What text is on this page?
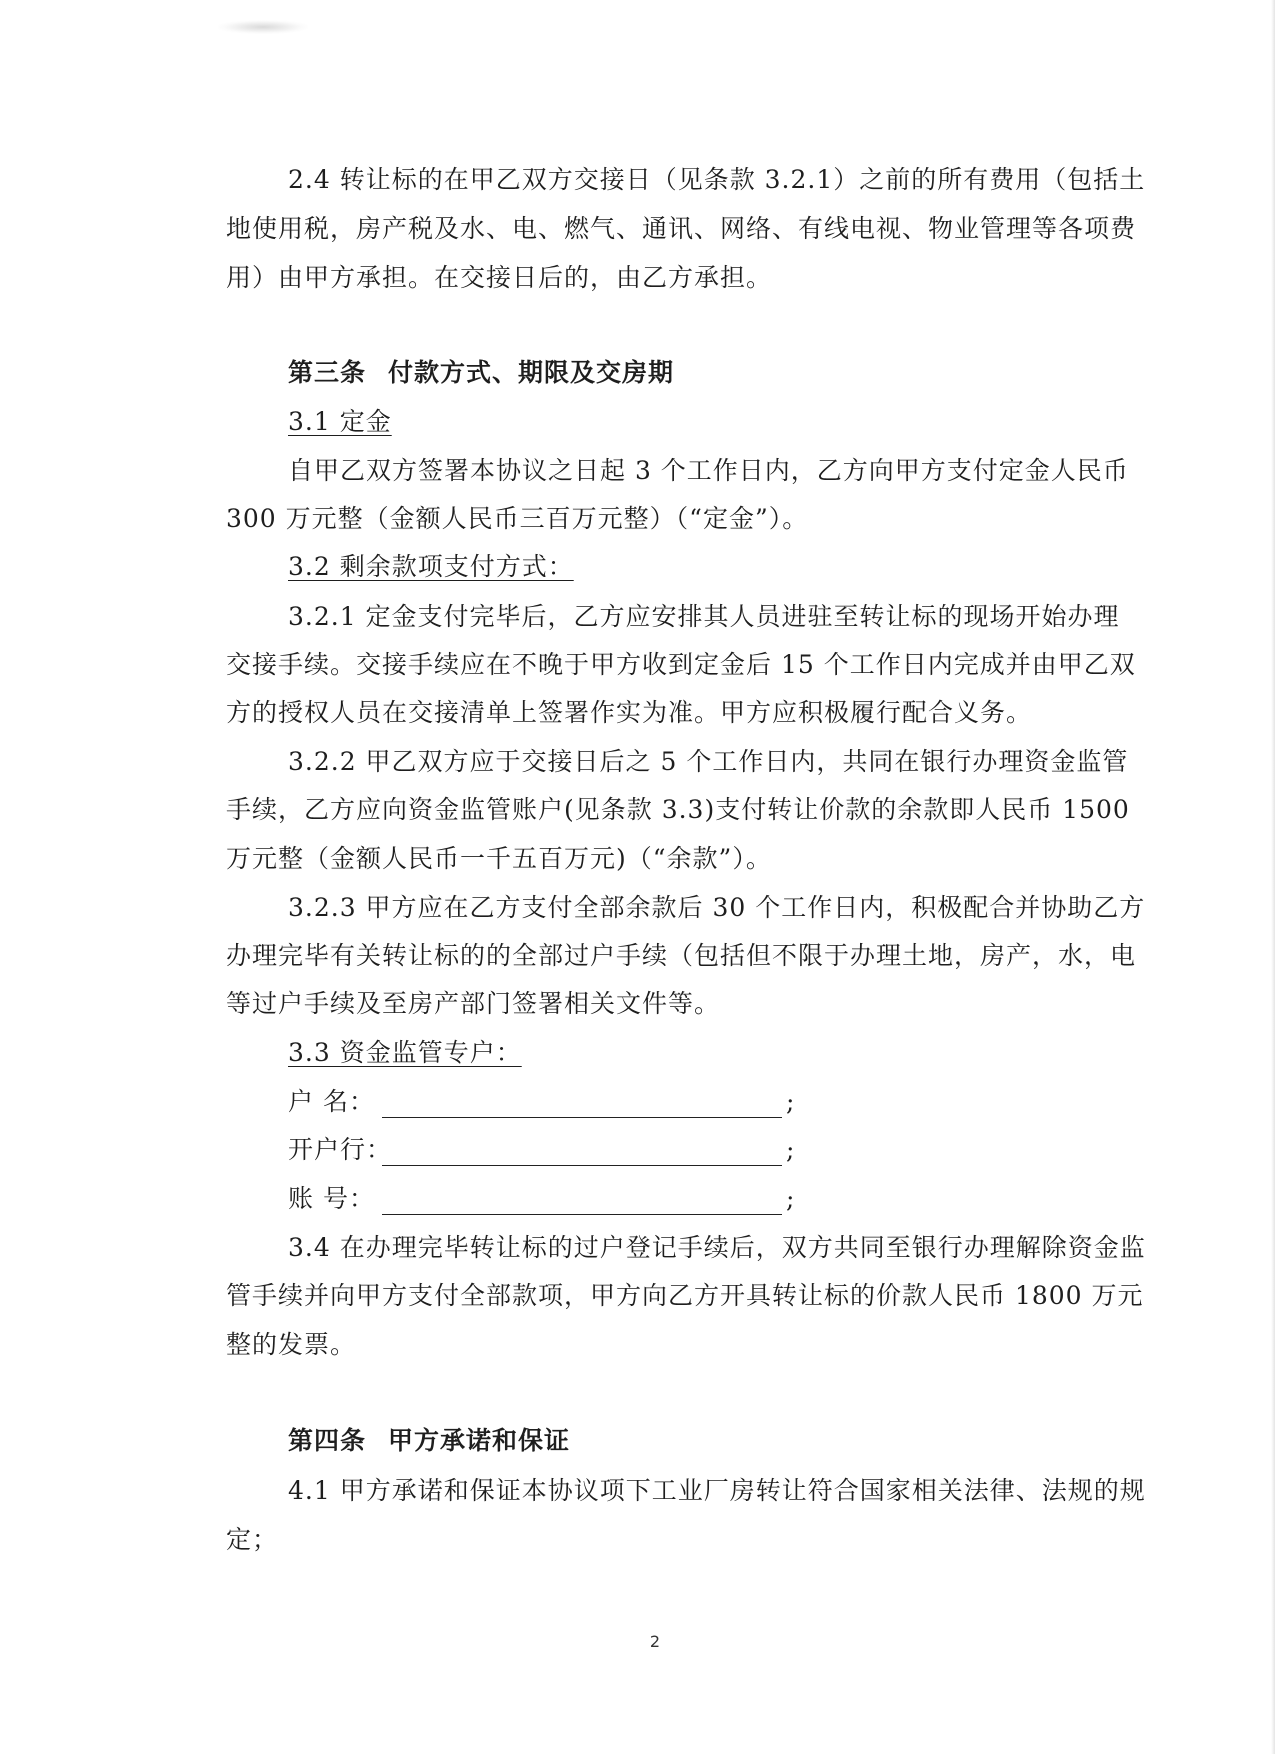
2.4 转让标的在甲乙双方交接日（见条款 3.2.1）之前的所有费用（包括土
地使用税，房产税及水、电、燃气、通讯、网络、有线电视、物业管理等各项费
用）由甲方承担。在交接日后的，由乙方承担。
第三条 付款方式、期限及交房期
3.1 定金
自甲乙双方签署本协议之日起 3 个工作日内，乙方向甲方支付定金人民币
300 万元整（金额人民币三百万元整）（“定金”）。
3.2 剩余款项支付方式：
3.2.1 定金支付完毕后，乙方应安排其人员进驻至转让标的现场开始办理
交接手续。交接手续应在不晚于甲方收到定金后 15 个工作日内完成并由甲乙双
方的授权人员在交接清单上签署作实为准。甲方应积极履行配合义务。
3.2.2 甲乙双方应于交接日后之 5 个工作日内，共同在银行办理资金监管
手续，乙方应向资金监管账户(见条款 3.3)支付转让价款的余款即人民币 1500
万元整（金额人民币一千五百万元)（“余款”）。
3.2.3 甲方应在乙方支付全部余款后 30 个工作日内，积极配合并协助乙方
办理完毕有关转让标的的全部过户手续（包括但不限于办理土地，房产，水，电
等过户手续及至房产部门签署相关文件等。
3.3 资金监管专户：
户 名：	;
开户行：	;
账 号：	;
3.4 在办理完毕转让标的过户登记手续后，双方共同至银行办理解除资金监
管手续并向甲方支付全部款项，甲方向乙方开具转让标的价款人民币 1800 万元
整的发票。
第四条 甲方承诺和保证
4.1 甲方承诺和保证本协议项下工业厂房转让符合国家相关法律、法规的规
定；
2
